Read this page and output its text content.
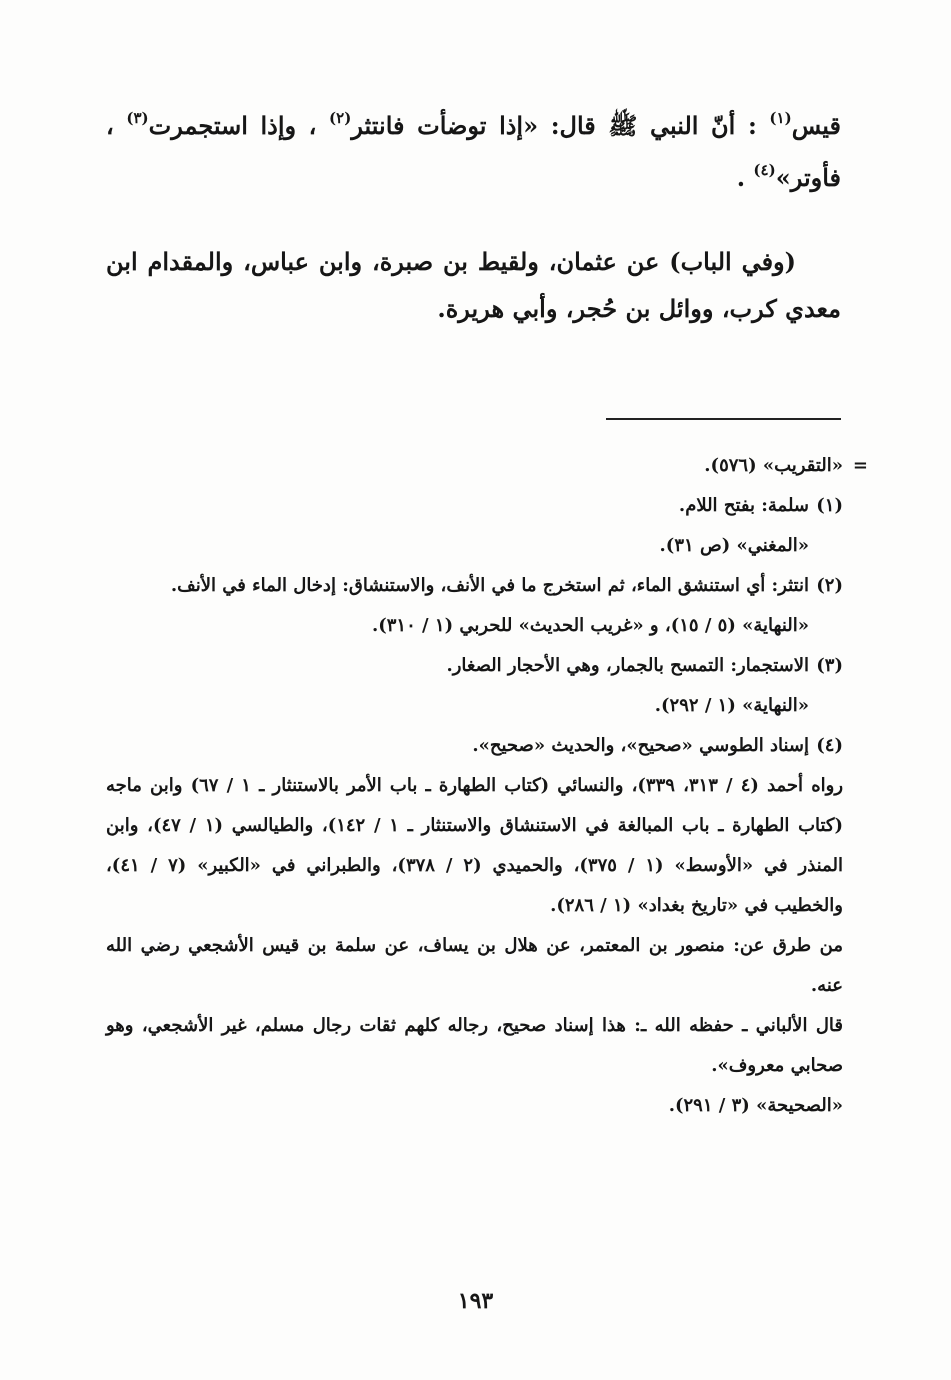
قيس$^{(١)}$ : أنّ النبي ﷺ قال: «إذا توضأت فانتثر$^{(٢)}$ ، وإذا استجمرت$^{(٣)}$ ، فأوتر»$^{(٤)}$ .

(وفي الباب) عن عثمان، ولقيط بن صبرة، وابن عباس، والمقدام ابن معدي كرب، ووائل بن حُجر، وأبي هريرة.

=

«التقريب» (٥٧٦).

(١)سلمة: بفتح اللام.

«المغني» (ص ٣١).

(٢)انتثر: أي استنشق الماء، ثم استخرج ما في الأنف، والاستنشاق: إدخال الماء في الأنف.

«النهاية» (٥ / ١٥)، و «غريب الحديث» للحربي (١ / ٣١٠).

(٣)الاستجمار: التمسح بالجمار، وهي الأحجار الصغار.

«النهاية» (١ / ٢٩٢).

(٤)إسناد الطوسي «صحيح»، والحديث «صحيح».

رواه أحمد (٤ / ٣١٣، ٣٣٩)، والنسائي (كتاب الطهارة ـ باب الأمر بالاستنثار ـ ١ / ٦٧) وابن ماجه (كتاب الطهارة ـ باب المبالغة في الاستنشاق والاستنثار ـ ١ / ١٤٢)، والطيالسي (١ / ٤٧)، وابن المنذر في «الأوسط» (١ / ٣٧٥)، والحميدي (٢ / ٣٧٨)، والطبراني في «الكبير» (٧ / ٤١)، والخطيب في «تاريخ بغداد» (١ / ٢٨٦).

من طرق عن: منصور بن المعتمر، عن هلال بن يساف، عن سلمة بن قيس الأشجعي رضي الله عنه.

قال الألباني ـ حفظه الله ـ: هذا إسناد صحيح، رجاله كلهم ثقات رجال مسلم، غير الأشجعي، وهو صحابي معروف».

«الصحيحة» (٣ / ٢٩١).

١٩٣
